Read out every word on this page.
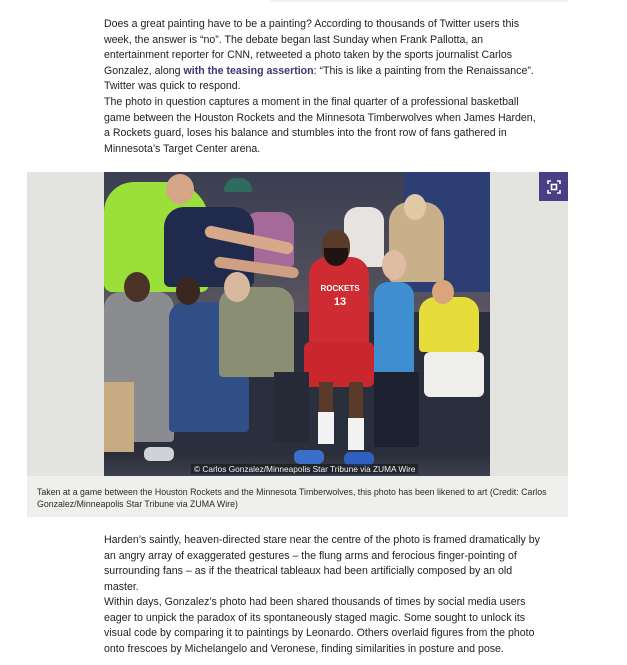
Does a great painting have to be a painting? According to thousands of Twitter users this week, the answer is “no”. The debate began last Sunday when Frank Pallotta, an entertainment reporter for CNN, retweeted a photo taken by the sports journalist Carlos Gonzalez, along with the teasing assertion: “This is like a painting from the Renaissance”. Twitter was quick to respond.

The photo in question captures a moment in the final quarter of a professional basketball game between the Houston Rockets and the Minnesota Timberwolves when James Harden, a Rockets guard, loses his balance and stumbles into the front row of fans gathered in Minnesota’s Target Center arena.

ROCKETS
13
© Carlos Gonzalez/Minneapolis Star Tribune via ZUMA Wire

Taken at a game between the Houston Rockets and the Minnesota Timberwolves, this photo has been likened to art (Credit: Carlos Gonzalez/Minneapolis Star Tribune via ZUMA Wire)

Harden’s saintly, heaven-directed stare near the centre of the photo is framed dramatically by an angry array of exaggerated gestures – the flung arms and ferocious finger-pointing of surrounding fans – as if the theatrical tableaux had been artificially composed by an old master.

Within days, Gonzalez’s photo had been shared thousands of times by social media users eager to unpick the paradox of its spontaneously staged magic. Some sought to unlock its visual code by comparing it to paintings by Leonardo. Others overlaid figures from the photo onto frescoes by Michelangelo and Veronese, finding similarities in posture and pose.
